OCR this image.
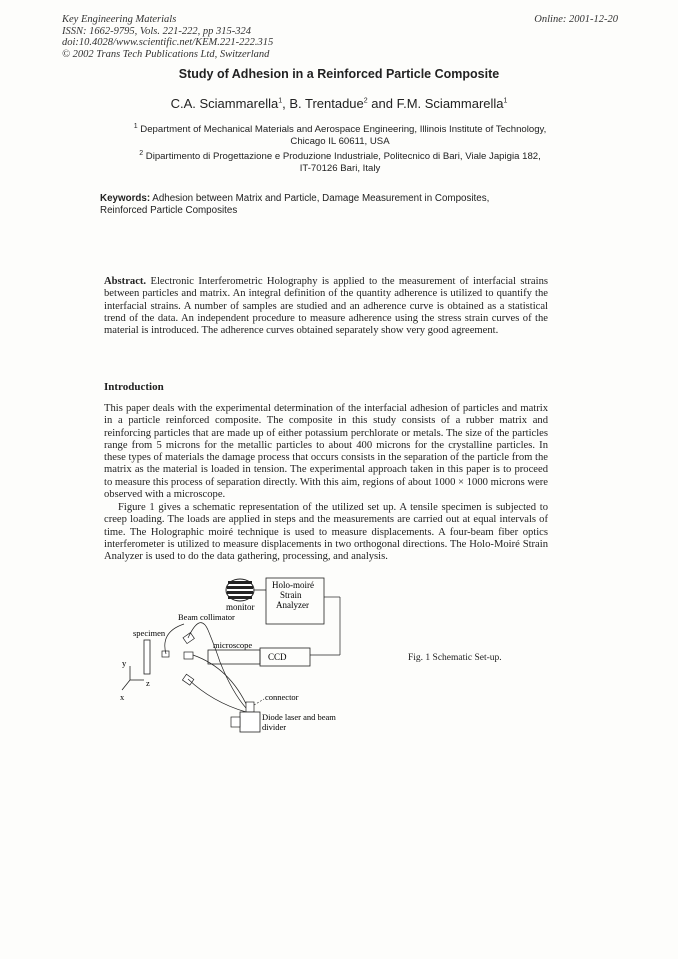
Key Engineering Materials
ISSN: 1662-9795, Vols. 221-222, pp 315-324
doi:10.4028/www.scientific.net/KEM.221-222.315
© 2002 Trans Tech Publications Ltd, Switzerland
Online: 2001-12-20
Study of Adhesion in a Reinforced Particle Composite
C.A. Sciammarella$^1$, B. Trentadue$^2$ and F.M. Sciammarella$^1$
$^1$ Department of Mechanical Materials and Aerospace Engineering, Illinois Institute of Technology,
Chicago IL 60611, USA
$^2$ Dipartimento di Progettazione e Produzione Industriale, Politecnico di Bari, Viale Japigia 182,
IT-70126 Bari, Italy
Keywords: Adhesion between Matrix and Particle, Damage Measurement in Composites, Reinforced Particle Composites
Abstract. Electronic Interferometric Holography is applied to the measurement of interfacial strains between particles and matrix. An integral definition of the quantity adherence is utilized to quantify the interfacial strains. A number of samples are studied and an adherence curve is obtained as a statistical trend of the data. An independent procedure to measure adherence using the stress strain curves of the material is introduced. The adherence curves obtained separately show very good agreement.
Introduction
This paper deals with the experimental determination of the interfacial adhesion of particles and matrix in a particle reinforced composite. The composite in this study consists of a rubber matrix and reinforcing particles that are made up of either potassium perchlorate or metals. The size of the particles range from 5 microns for the metallic particles to about 400 microns for the crystalline particles. In these types of materials the damage process that occurs consists in the separation of the particle from the matrix as the material is loaded in tension. The experimental approach taken in this paper is to proceed to measure this process of separation directly. With this aim, regions of about 1000 × 1000 microns were observed with a microscope.
Figure 1 gives a schematic representation of the utilized set up. A tensile specimen is subjected to creep loading. The loads are applied in steps and the measurements are carried out at equal intervals of time. The Holographic moiré technique is used to measure displacements. A four-beam fiber optics interferometer is utilized to measure displacements in two orthogonal directions. The Holo-Moiré Strain Analyzer is used to do the data gathering, processing, and analysis.
Holo-moiré
Strain
Analyzer
monitor
Beam collimator
specimen
microscope
CCD
connector
Diode laser and beam
divider
y
z
x
Fig. 1 Schematic Set-up.
